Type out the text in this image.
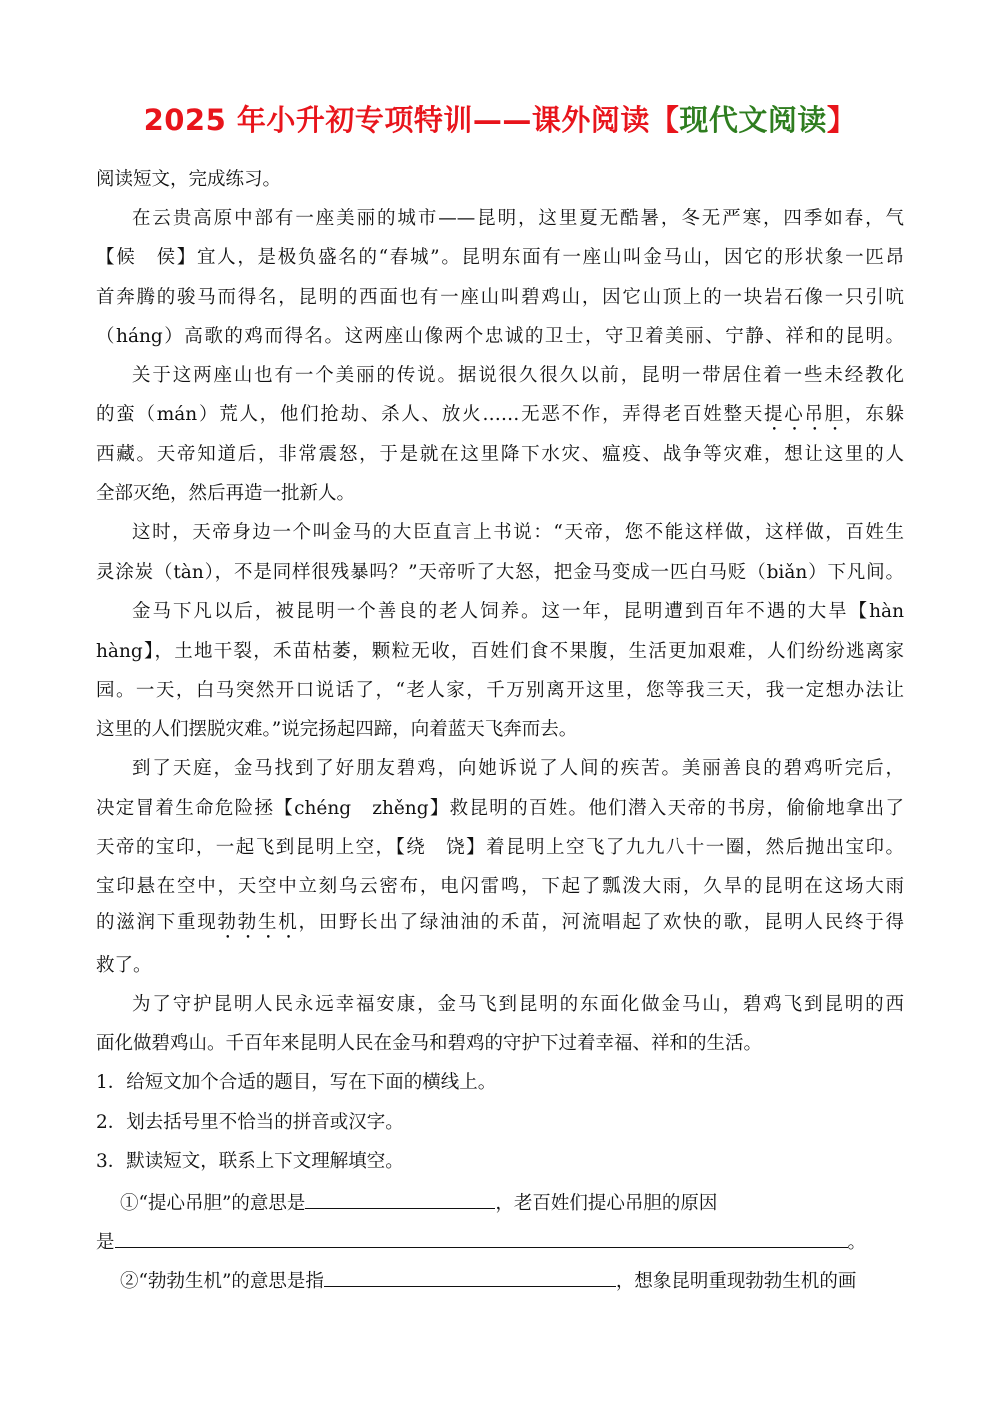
2025 年小升初专项特训——课外阅读【现代文阅读】
阅读短文，完成练习。
在云贵高原中部有一座美丽的城市——昆明，这里夏无酷暑，冬无严寒，四季如春，气
【候　侯】宜人，是极负盛名的“春城”。昆明东面有一座山叫金马山，因它的形状象一匹昂
首奔腾的骏马而得名，昆明的西面也有一座山叫碧鸡山，因它山顶上的一块岩石像一只引吭
（háng）高歌的鸡而得名。这两座山像两个忠诚的卫士，守卫着美丽、宁静、祥和的昆明。
关于这两座山也有一个美丽的传说。据说很久很久以前，昆明一带居住着一些未经教化
的蛮（mán）荒人，他们抢劫、杀人、放火……无恶不作，弄得老百姓整天提心吊胆，东躲
西藏。天帝知道后，非常震怒，于是就在这里降下水灾、瘟疫、战争等灾难，想让这里的人
全部灭绝，然后再造一批新人。
这时，天帝身边一个叫金马的大臣直言上书说：“天帝，您不能这样做，这样做，百姓生
灵涂炭（tàn），不是同样很残暴吗？”天帝听了大怒，把金马变成一匹白马贬（biǎn）下凡间。
金马下凡以后，被昆明一个善良的老人饲养。这一年，昆明遭到百年不遇的大旱【hàn
hàng】，土地干裂，禾苗枯萎，颗粒无收，百姓们食不果腹，生活更加艰难，人们纷纷逃离家
园。一天，白马突然开口说话了，“老人家，千万别离开这里，您等我三天，我一定想办法让
这里的人们摆脱灾难。”说完扬起四蹄，向着蓝天飞奔而去。
到了天庭，金马找到了好朋友碧鸡，向她诉说了人间的疾苦。美丽善良的碧鸡听完后，
决定冒着生命危险拯【chéng　zhěng】救昆明的百姓。他们潜入天帝的书房，偷偷地拿出了
天帝的宝印，一起飞到昆明上空，【绕　饶】着昆明上空飞了九九八十一圈，然后抛出宝印。
宝印悬在空中，天空中立刻乌云密布，电闪雷鸣，下起了瓢泼大雨，久旱的昆明在这场大雨
的滋润下重现勃勃生机，田野长出了绿油油的禾苗，河流唱起了欢快的歌，昆明人民终于得
救了。
为了守护昆明人民永远幸福安康，金马飞到昆明的东面化做金马山，碧鸡飞到昆明的西
面化做碧鸡山。千百年来昆明人民在金马和碧鸡的守护下过着幸福、祥和的生活。
1．给短文加个合适的题目，写在下面的横线上。
2．划去括号里不恰当的拼音或汉字。
3．默读短文，联系上下文理解填空。
①“提心吊胆”的意思是	，老百姓们提心吊胆的原因
是	。
②“勃勃生机”的意思是指	，想象昆明重现勃勃生机的画
